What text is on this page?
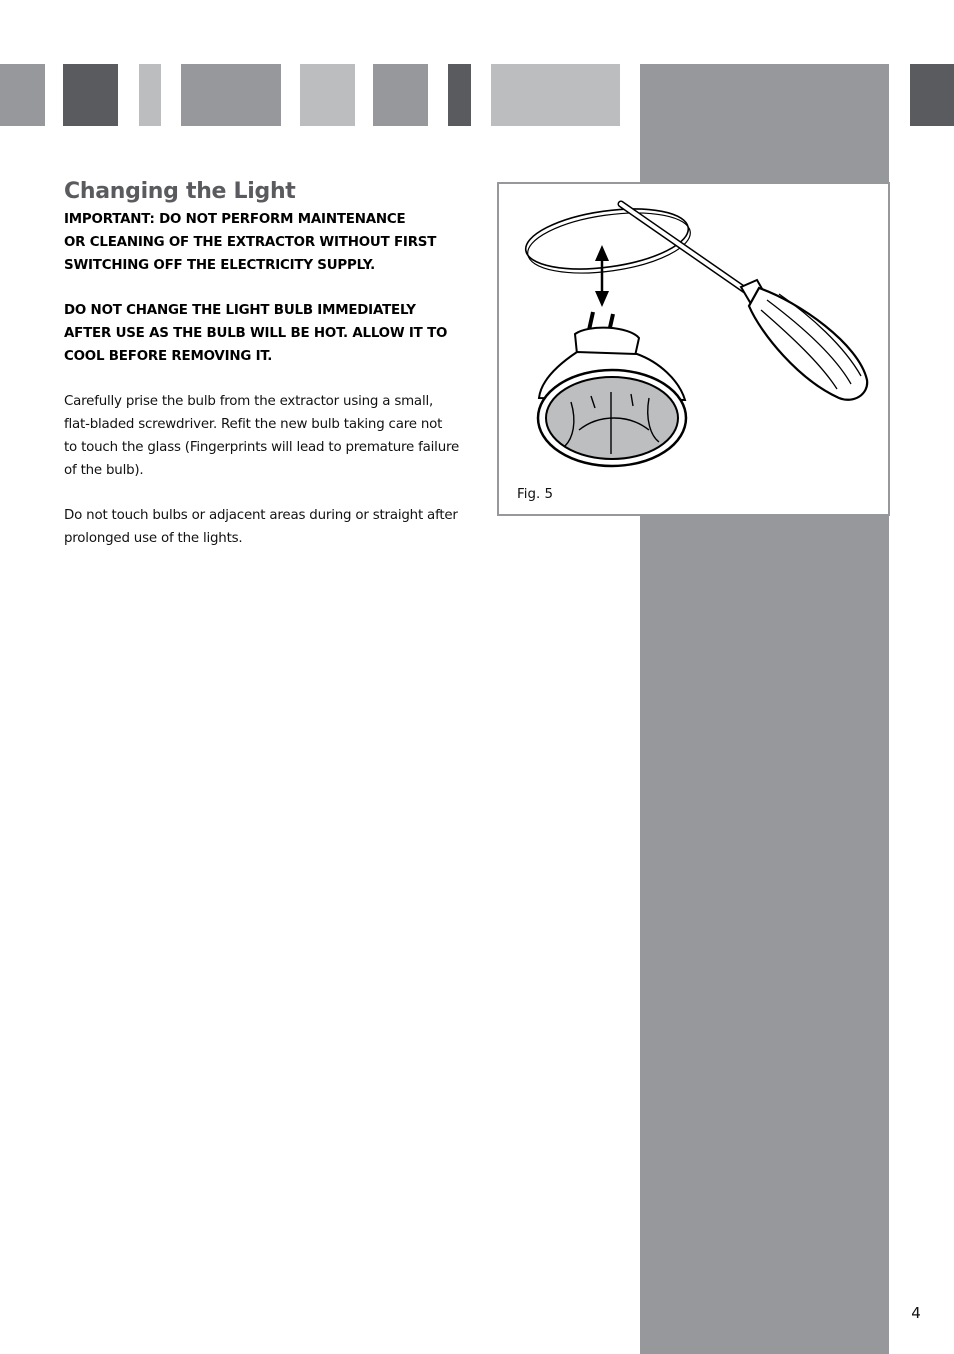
Changing the Light

IMPORTANT: DO NOT PERFORM MAINTENANCE
OR CLEANING OF THE EXTRACTOR WITHOUT FIRST
SWITCHING OFF THE ELECTRICITY SUPPLY.

DO NOT CHANGE THE LIGHT BULB IMMEDIATELY
AFTER USE AS THE BULB WILL BE HOT. ALLOW IT TO
COOL BEFORE REMOVING IT.

Carefully prise the bulb from the extractor using a small,
flat-bladed screwdriver. Refit the new bulb taking care not
to touch the glass (Fingerprints will lead to premature failure
of the bulb).

Do not touch bulbs or adjacent areas during or straight after
prolonged use of the lights.

Fig. 5
4
